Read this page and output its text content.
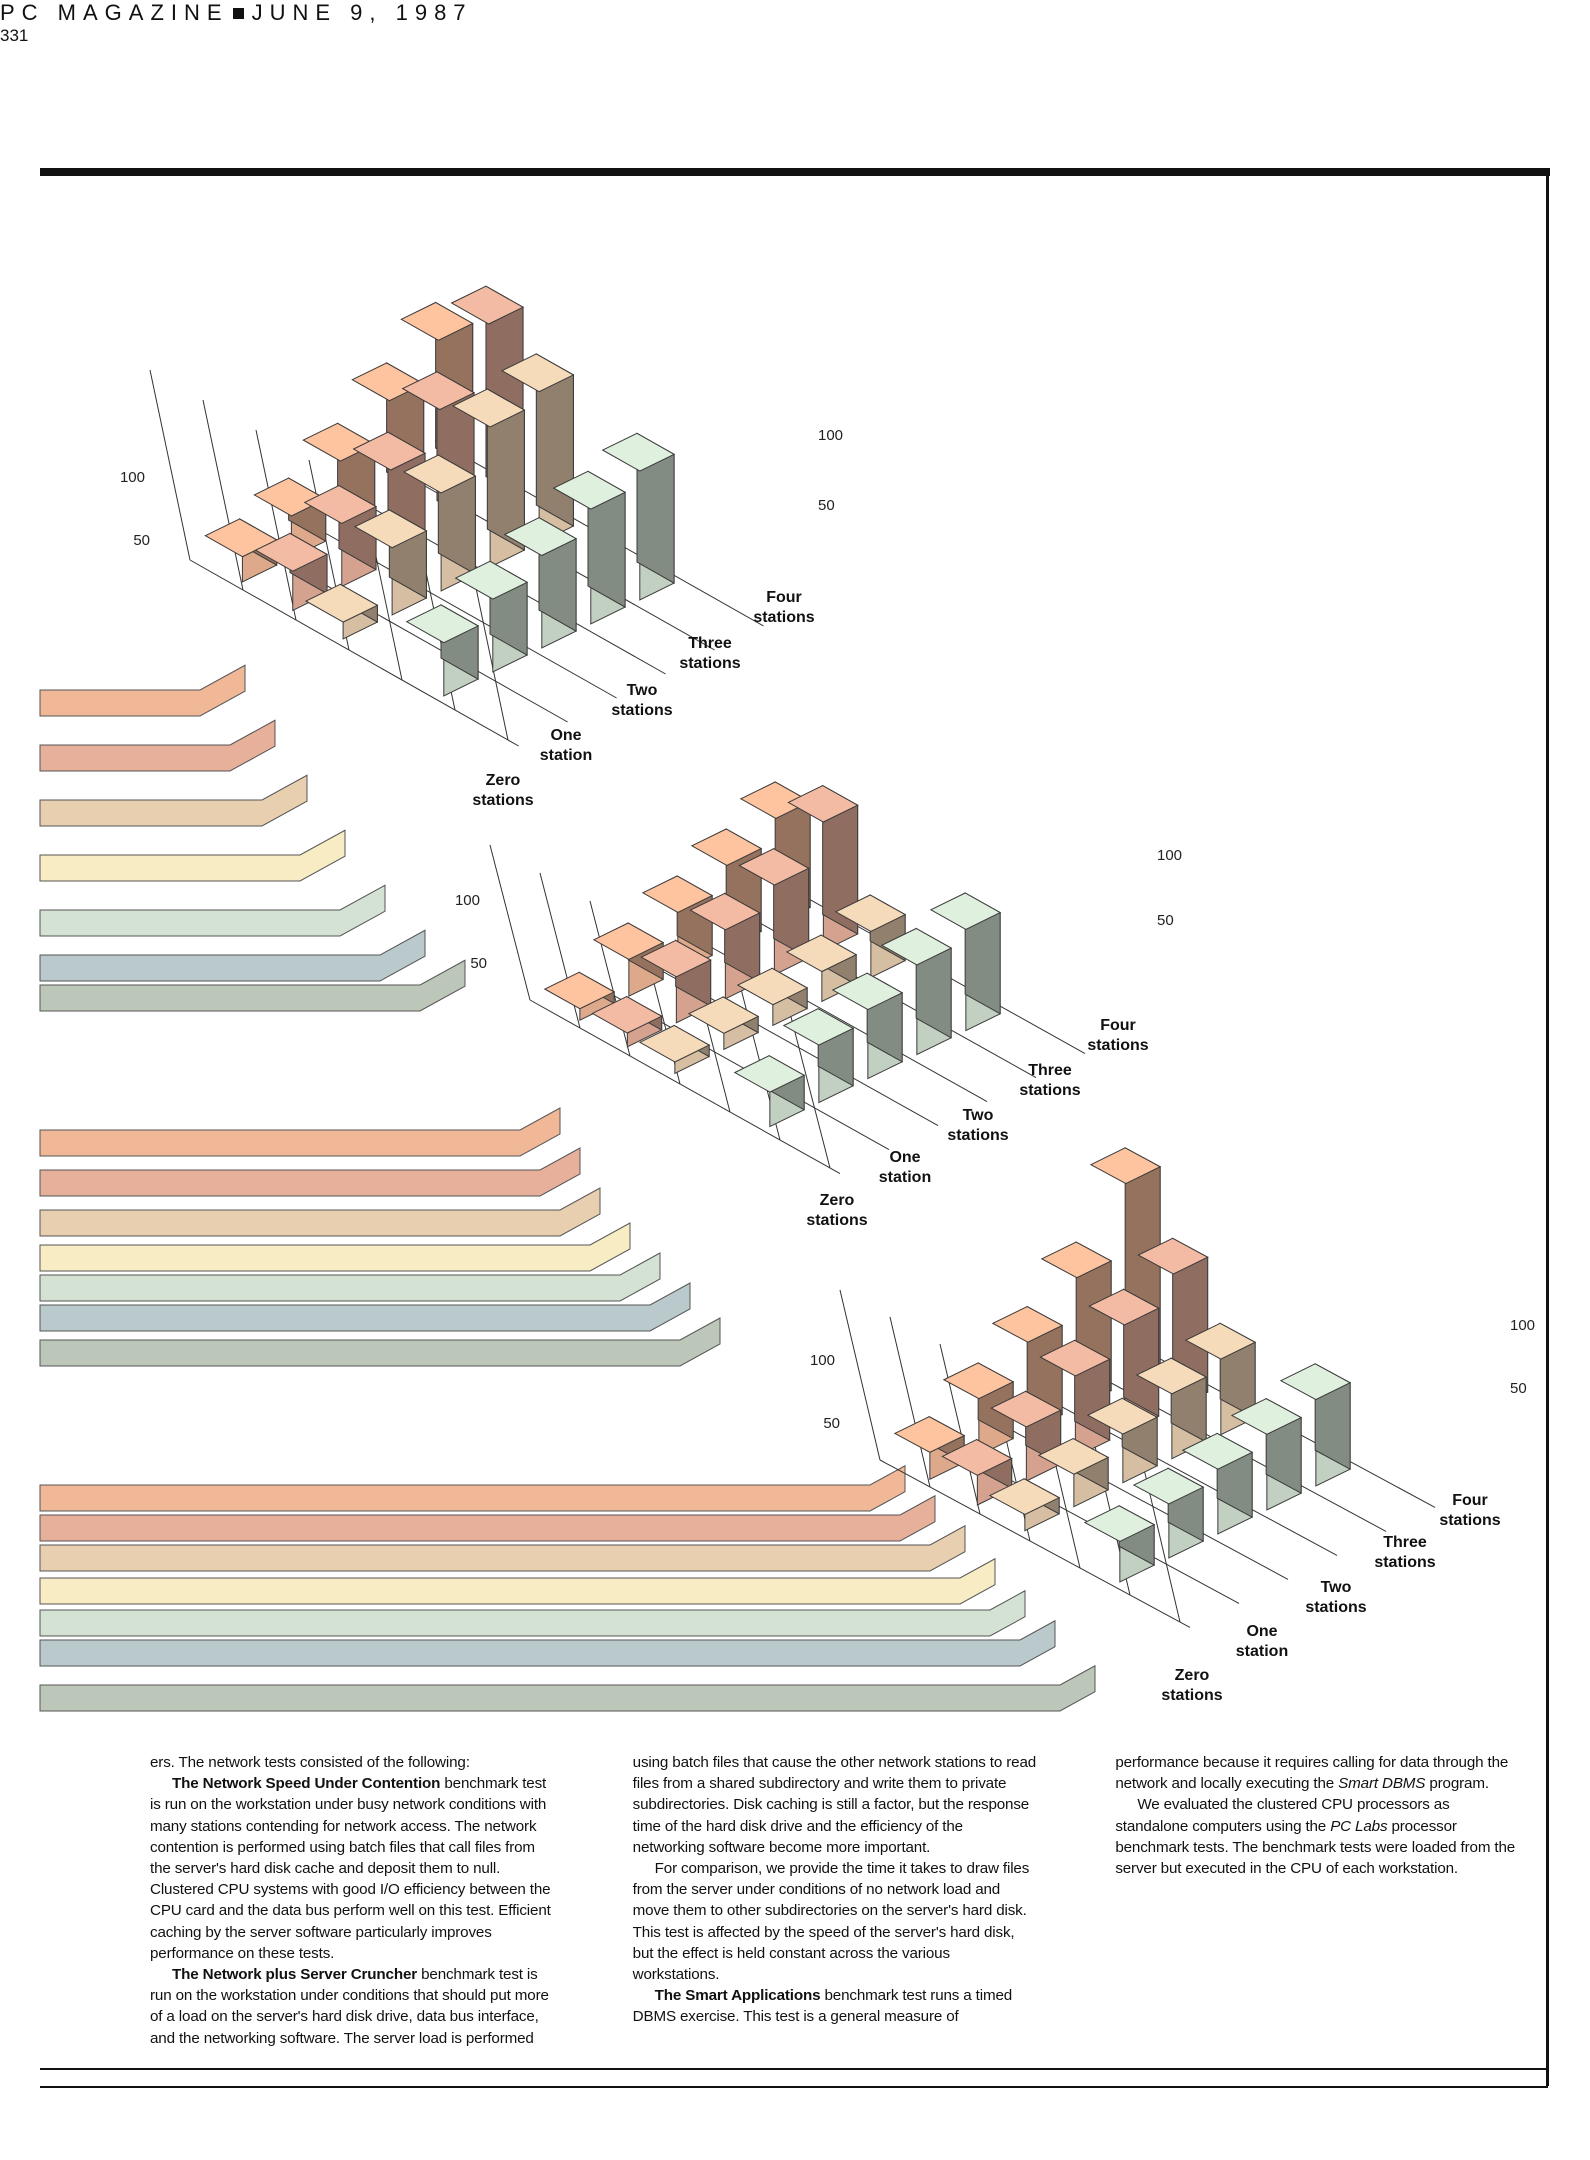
100
50
100
50
Zero stations
One station
Two stations
Three stations
Four stations
100
50
100
50
Zero stations
One station
Two stations
Three stations
Four stations
100
50
100
50
Zero stations
One station
Two stations
Three stations
Four stations

ers. The network tests consisted of the following:

The Network Speed Under Contention benchmark test is run on the workstation under busy network conditions with many stations contending for network access. The network contention is performed using batch files that call files from the server's hard disk cache and deposit them to null. Clustered CPU systems with good I/O efficiency between the CPU card and the data bus perform well on this test. Efficient caching by the server software particularly improves performance on these tests.

The Network plus Server Cruncher benchmark test is run on the workstation under conditions that should put more of a load on the server's hard disk drive, data bus interface, and the networking software. The server load is performed using batch files that cause the other network stations to read files from a shared subdirectory and write them to private subdirectories. Disk caching is still a factor, but the response time of the hard disk drive and the efficiency of the networking software become more important.

For comparison, we provide the time it takes to draw files from the server under conditions of no network load and move them to other subdirectories on the server's hard disk. This test is affected by the speed of the server's hard disk, but the effect is held constant across the various workstations.

The Smart Applications benchmark test runs a timed DBMS exercise. This test is a general measure of performance because it requires calling for data through the network and locally executing the Smart DBMS program.

We evaluated the clustered CPU processors as standalone computers using the PC Labs processor benchmark tests. The benchmark tests were loaded from the server but executed in the CPU of each workstation.

PC MAGAZINE JUNE 9, 1987
331
